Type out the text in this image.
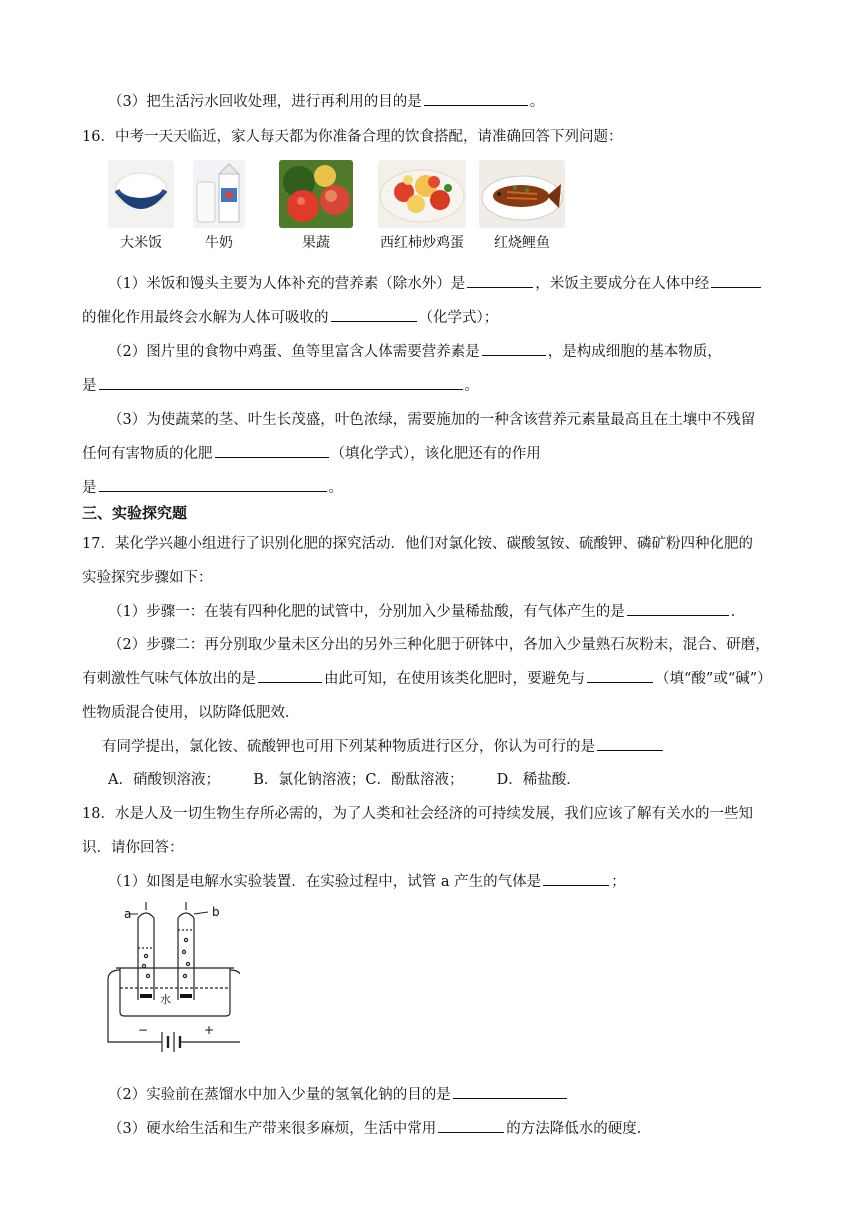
（3）把生活污水回收处理，进行再利用的目的是	。
16．中考一天天临近，家人每天都为你准备合理的饮食搭配，请准确回答下列问题：
大米饭	牛奶	果蔬	西红柿炒鸡蛋	红烧鲤鱼
（1）米饭和馒头主要为人体补充的营养素（除水外）是	，米饭主要成分在人体中经
的催化作用最终会水解为人体可吸收的	（化学式）；
（2）图片里的食物中鸡蛋、鱼等里富含人体需要营养素是	，是构成细胞的基本物质，
是	。
（3）为使蔬菜的茎、叶生长茂盛，叶色浓绿，需要施加的一种含该营养元素量最高且在土壤中不残留
任何有害物质的化肥	（填化学式），该化肥还有的作用
是	。
三、实验探究题
17．某化学兴趣小组进行了识别化肥的探究活动．他们对氯化铵、碳酸氢铵、硫酸钾、磷矿粉四种化肥的
实验探究步骤如下：
（1）步骤一：在装有四种化肥的试管中，分别加入少量稀盐酸，有气体产生的是	．
（2）步骤二：再分别取少量未区分出的另外三种化肥于研钵中，各加入少量熟石灰粉末，混合、研磨，
有刺激性气味气体放出的是	由此可知，在使用该类化肥时，要避免与	（填“酸”或“碱”）
性物质混合使用，以防降低肥效．
有同学提出，氯化铵、硫酸钾也可用下列某种物质进行区分，你认为可行的是
A．硝酸钡溶液； B．氯化钠溶液；C．酚酞溶液； D．稀盐酸．
18．水是人及一切生物生存所必需的，为了人类和社会经济的可持续发展，我们应该了解有关水的一些知
识．请你回答：
（1）如图是电解水实验装置．在实验过程中，试管 a 产生的气体是	；
a	b
水
−	+
（2）实验前在蒸馏水中加入少量的氢氧化钠的目的是
（3）硬水给生活和生产带来很多麻烦，生活中常用	的方法降低水的硬度．
